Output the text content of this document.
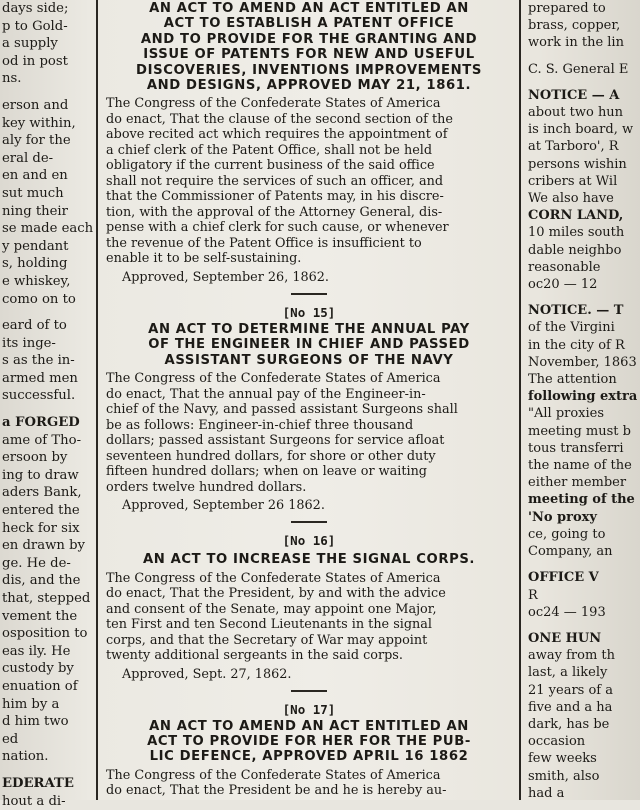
days side;
p to Gold-
a supply
od in post
ns.
erson and
key within,
aly for the
eral de-
en and en
sut much
ning their
se made each
y pendant
s, holding
e whiskey,
como on to
eard of to
its inge-
s as the in-
armed men
successful.
a FORGED
ame of Tho-
ersoon by
ing to draw
aders Bank,
entered the
heck for six
en drawn by
ge. He de-
dis, and the
that, stepped
vement the
osposition to
eas ily. He
custody by
enuation of
him by a
d him two
ed
nation.
EDERATE
hout a di-
AN ACT TO AMEND AN ACT ENTITLED AN
ACT TO ESTABLISH A PATENT OFFICE
AND TO PROVIDE FOR THE GRANTING AND
ISSUE OF PATENTS FOR NEW AND USEFUL
DISCOVERIES, INVENTIONS IMPROVEMENTS
AND DESIGNS, APPROVED MAY 21, 1861.
The Congress of the Confederate States of America
do enact, That the clause of the second section of the
above recited act which requires the appointment of
a chief clerk of the Patent Office, shall not be held
obligatory if the current business of the said office
shall not require the services of such an officer, and
that the Commissioner of Patents may, in his discre-
tion, with the approval of the Attorney General, dis-
pense with a chief clerk for such cause, or whenever
the revenue of the Patent Office is insufficient to
enable it to be self-sustaining.
Approved, September 26, 1862.
[No 15]
AN ACT TO DETERMINE THE ANNUAL PAY
OF THE ENGINEER IN CHIEF AND PASSED
ASSISTANT SURGEONS OF THE NAVY
The Congress of the Confederate States of America
do enact, That the annual pay of the Engineer-in-
chief of the Navy, and passed assistant Surgeons shall
be as follows: Engineer-in-chief three thousand
dollars; passed assistant Surgeons for service afloat
seventeen hundred dollars, for shore or other duty
fifteen hundred dollars; when on leave or waiting
orders twelve hundred dollars.
Approved, September 26 1862.
[No 16]
AN ACT TO INCREASE THE SIGNAL CORPS.
The Congress of the Confederate States of America
do enact, That the President, by and with the advice
and consent of the Senate, may appoint one Major,
ten First and ten Second Lieutenants in the signal
corps, and that the Secretary of War may appoint
twenty additional sergeants in the said corps.
Approved, Sept. 27, 1862.
[No 17]
AN ACT TO AMEND AN ACT ENTITLED AN
ACT TO PROVIDE FOR HER FOR THE PUB-
LIC DEFENCE, APPROVED APRIL 16 1862
The Congress of the Confederate States of America
do enact, That the President be and he is hereby au-
prepared to
brass, copper,
work in the lin
C. S. General E
NOTICE — A
about two hun
is inch board, w
at Tarboro', R
persons wishin
cribers at Wil
We also have
CORN LAND,
10 miles south
dable neighbo
reasonable
oc20 — 12
NOTICE. — T
of the Virgini
in the city of R
November, 1863
The attention
following extra
"All proxies
meeting must b
tous transferri
the name of the
either member
meeting of the
'No proxy
ce, going to
Company, an
OFFICE V
R
oc24 — 193
ONE HUN
away from th
last, a likely
21 years of a
five and a ha
dark, has be
occasion
few weeks
smith, also
had a
